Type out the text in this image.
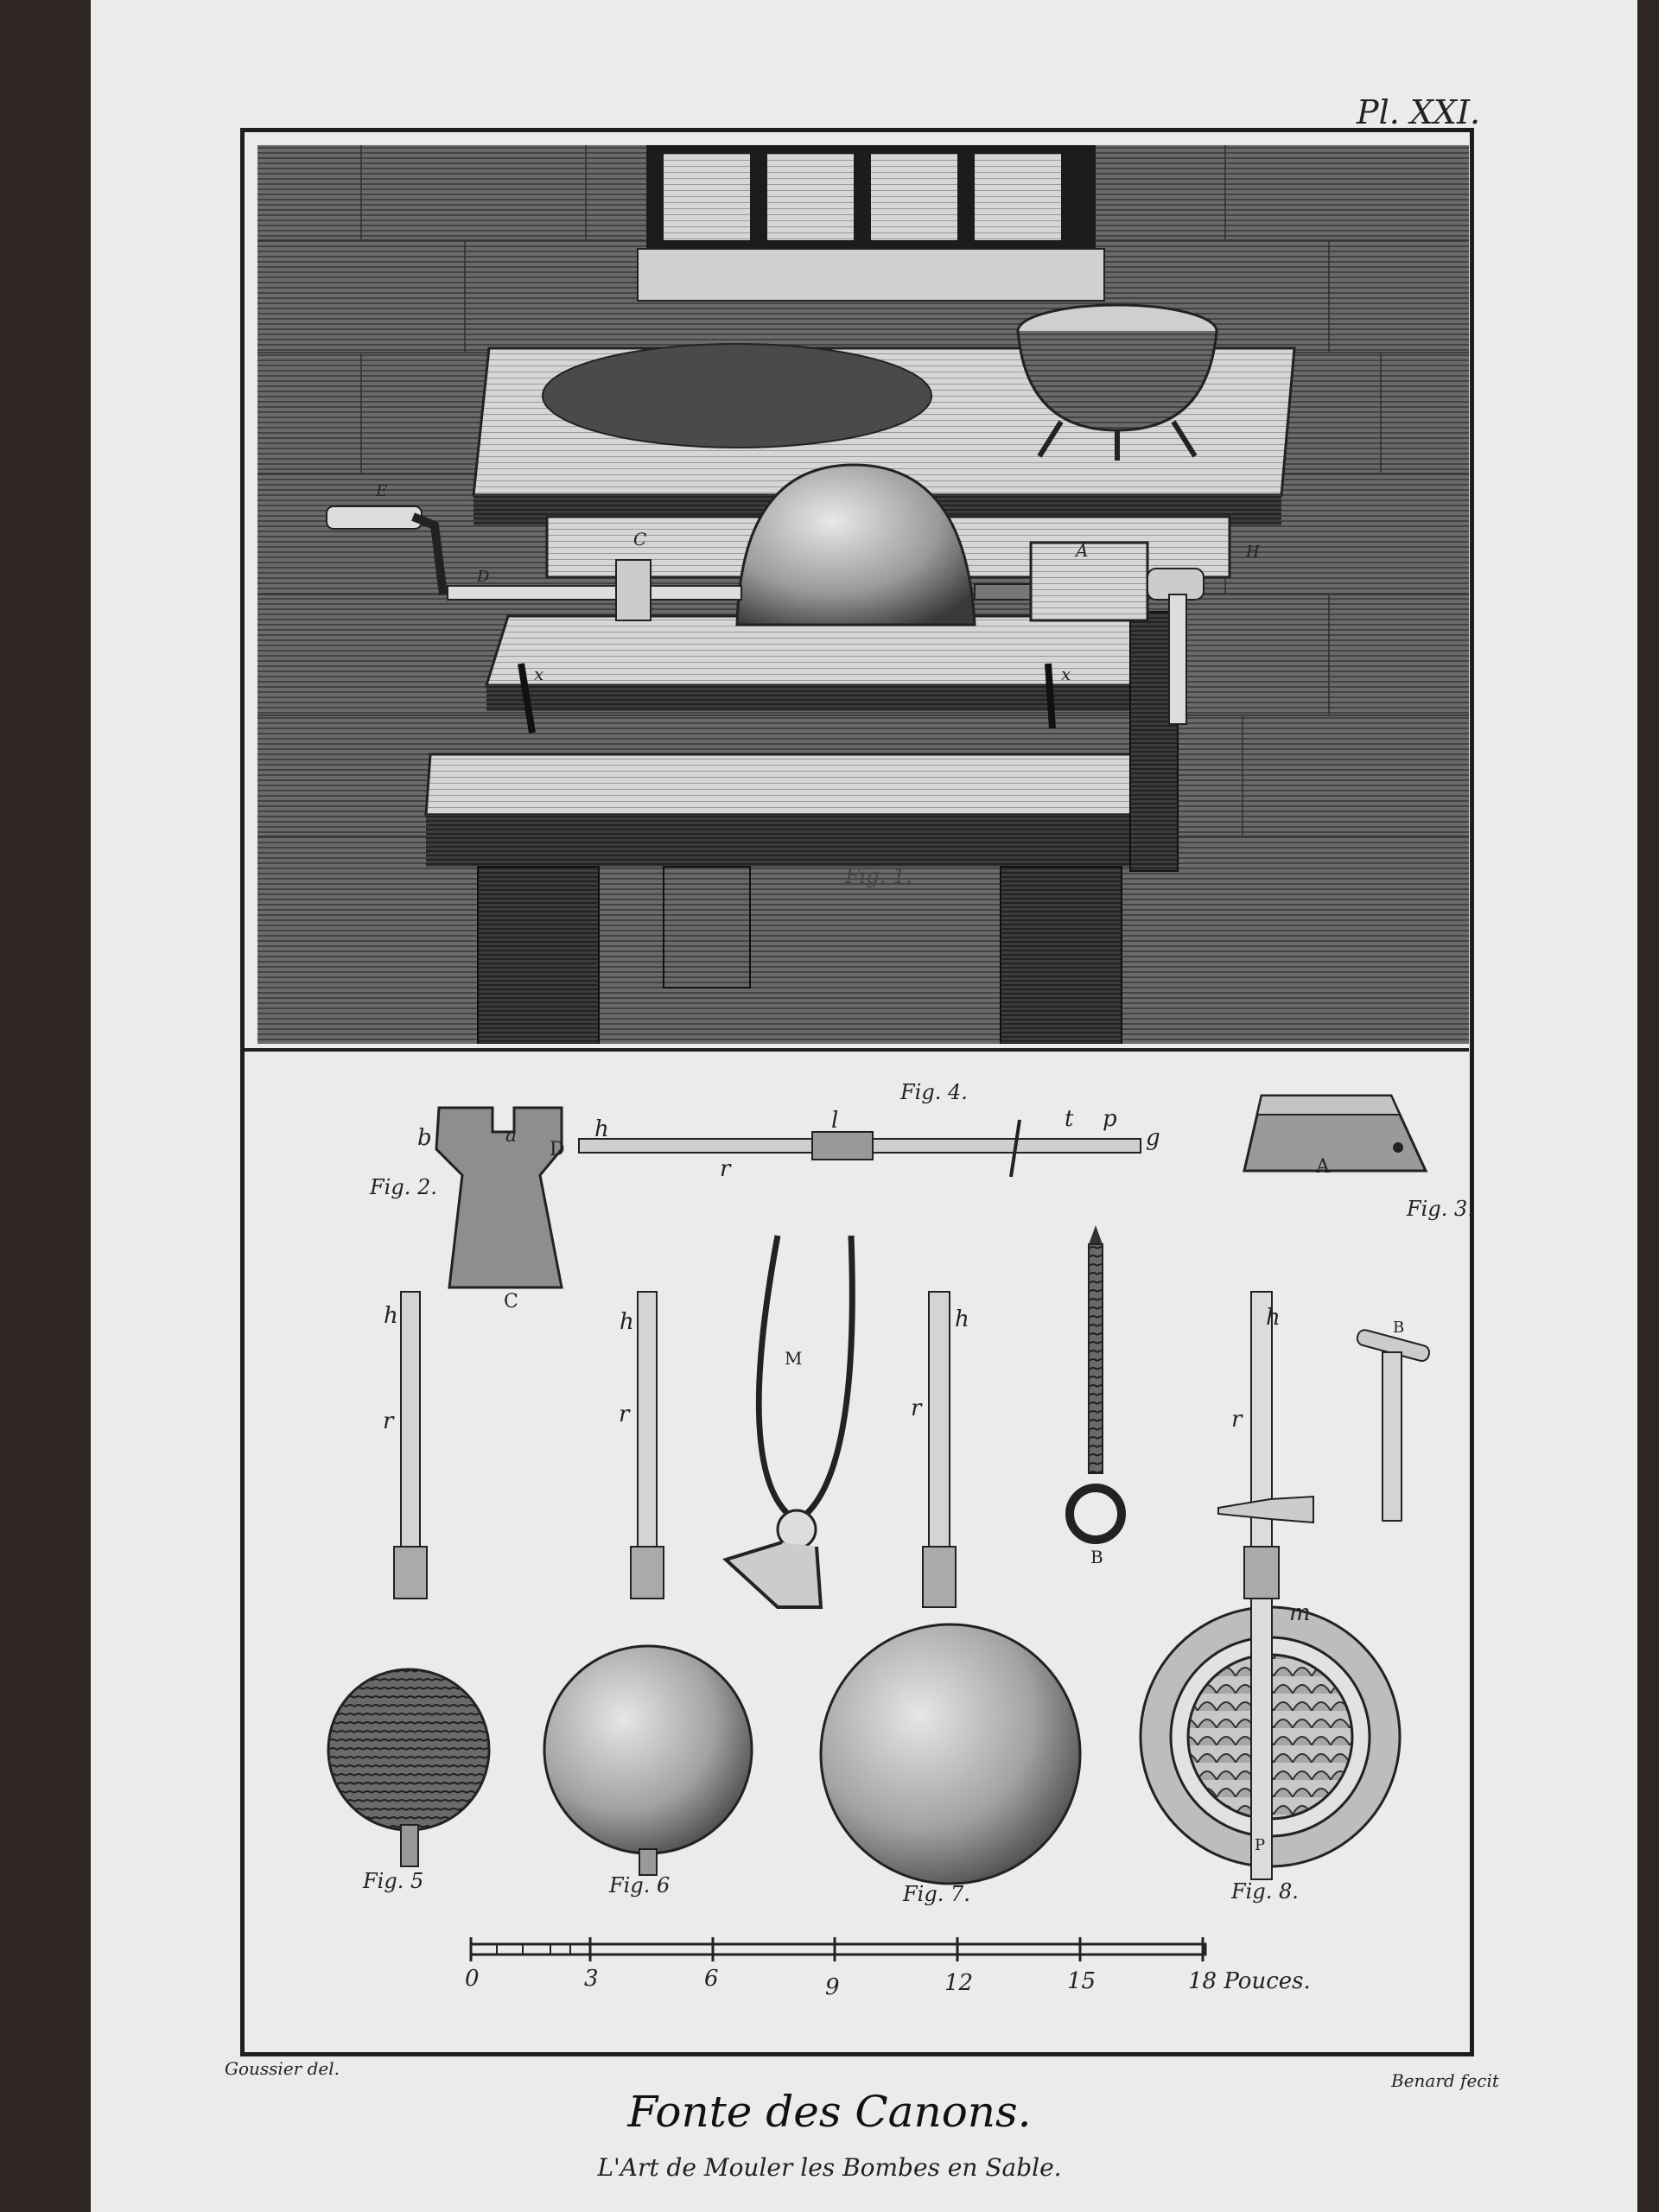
Pl. XXI.
E
C
D
A	H
x	x
Fig. 1.
b	a
D
Fig. 2.
C
Fig. 4.
h	l
r
t p
g
A
Fig. 3.
h
r
Fig. 5
h
r
Fig. 6
M
h
r
Fig. 7.
B
h
r
m
P
Fig. 8.
B
0	3	6	9	12	15	18 Pouces.
Goussier del.
Benard fecit
Fonte des Canons.
L'Art de Mouler les Bombes en Sable.
